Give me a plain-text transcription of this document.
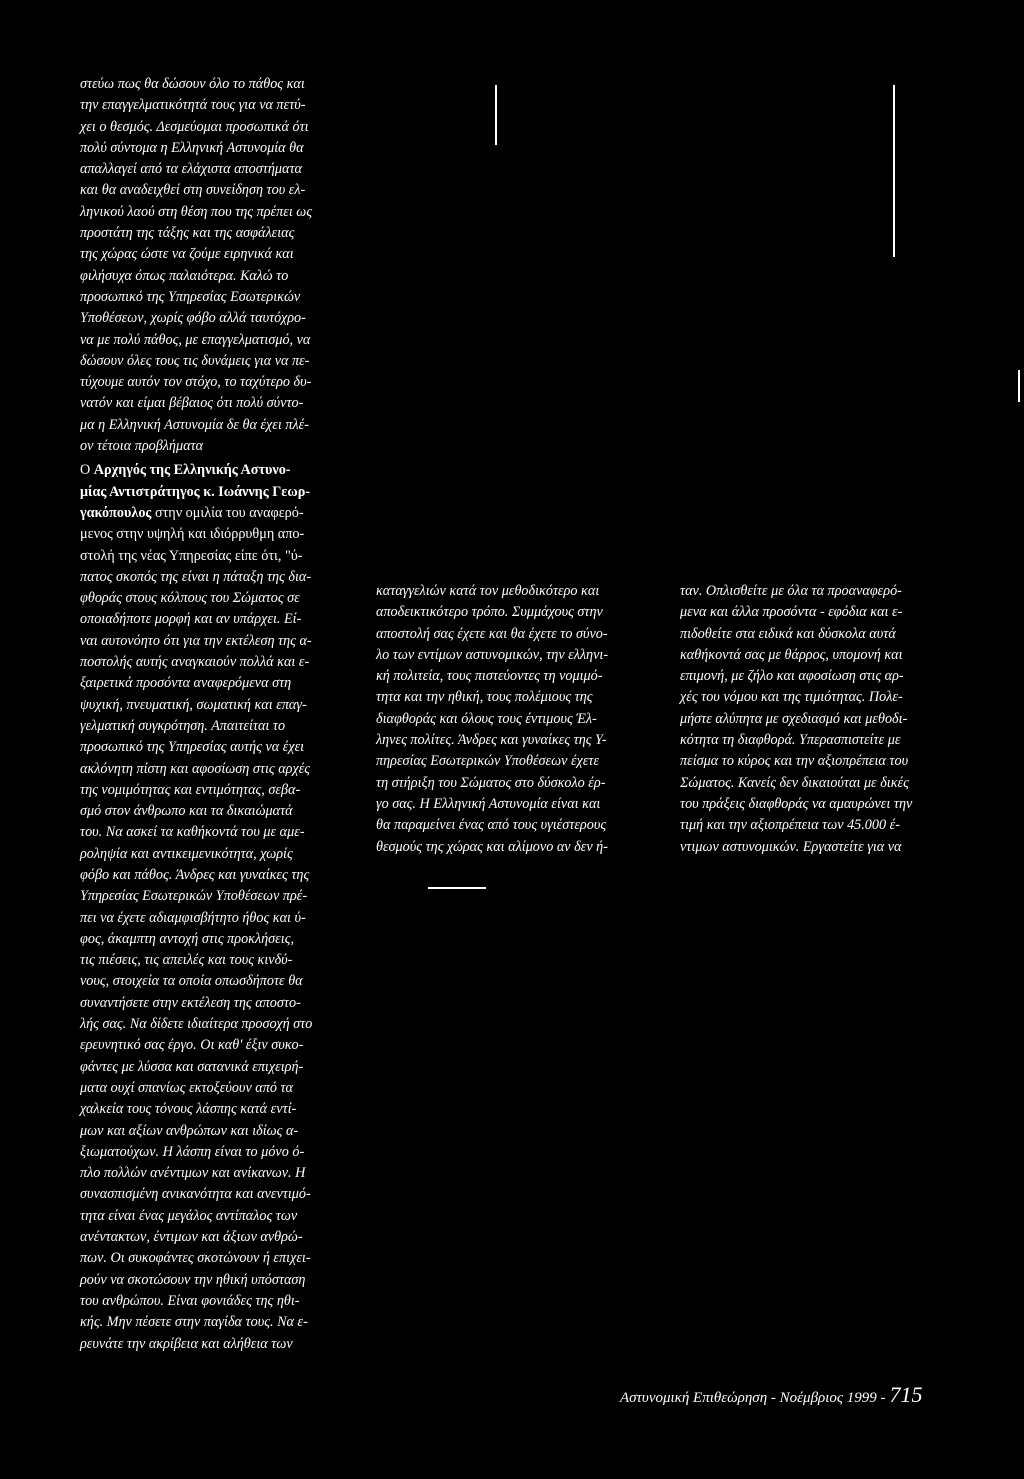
στεύω πως θα δώσουν όλο το πάθος και

την επαγγελματικότητά τους για να πετύ-

χει ο θεσμός. Δεσμεύομαι προσωπικά ότι

πολύ σύντομα η Ελληνική Αστυνομία θα

απαλλαγεί από τα ελάχιστα αποστήματα

και θα αναδειχθεί στη συνείδηση του ελ-

ληνικού λαού στη θέση που της πρέπει ως

προστάτη της τάξης και της ασφάλειας

της χώρας ώστε να ζούμε ειρηνικά και

φιλήσυχα όπως παλαιότερα. Καλώ το

προσωπικό της Υπηρεσίας Εσωτερικών

Υποθέσεων, χωρίς φόβο αλλά ταυτόχρο-

να με πολύ πάθος, με επαγγελματισμό, να

δώσουν όλες τους τις δυνάμεις για να πε-

τύχουμε αυτόν τον στόχο, το ταχύτερο δυ-

νατόν και είμαι βέβαιος ότι πολύ σύντο-

μα η Ελληνική Αστυνομία δε θα έχει πλέ-

ον τέτοια προβλήματα

Ο Αρχηγός της Ελληνικής Αστυνο-

μίας Αντιστράτηγος κ. Ιωάννης Γεωρ-

γακόπουλος στην ομιλία του αναφερό-

μενος στην υψηλή και ιδιόρρυθμη απο-

στολή της νέας Υπηρεσίας είπε ότι, "ύ-

πατος σκοπός της είναι η πάταξη της δια-

φθοράς στους κόλπους του Σώματος σε

οποιαδήποτε μορφή και αν υπάρχει. Εί-

ναι αυτονόητο ότι για την εκτέλεση της α-

ποστολής αυτής αναγκαιούν πολλά και ε-

ξαιρετικά προσόντα αναφερόμενα στη

ψυχική, πνευματική, σωματική και επαγ-

γελματική συγκρότηση. Απαιτείται το

προσωπικό της Υπηρεσίας αυτής να έχει

ακλόνητη πίστη και αφοσίωση στις αρχές

της νομιμότητας και εντιμότητας, σεβα-

σμό στον άνθρωπο και τα δικαιώματά

του. Να ασκεί τα καθήκοντά του με αμε-

ροληψία και αντικειμενικότητα, χωρίς

φόβο και πάθος. Άνδρες και γυναίκες της

Υπηρεσίας Εσωτερικών Υποθέσεων πρέ-

πει να έχετε αδιαμφισβήτητο ήθος και ύ-

φος, άκαμπτη αντοχή στις προκλήσεις,

τις πιέσεις, τις απειλές και τους κινδύ-

νους, στοιχεία τα οποία οπωσδήποτε θα

συναντήσετε στην εκτέλεση της αποστο-

λής σας. Να δίδετε ιδιαίτερα προσοχή στο

ερευνητικό σας έργο. Οι καθ' έξιν συκο-

φάντες με λύσσα και σατανικά επιχειρή-

ματα ουχί σπανίως εκτοξεύουν από τα

χαλκεία τους τόνους λάσπης κατά εντί-

μων και αξίων ανθρώπων και ιδίως α-

ξιωματούχων. Η λάσπη είναι το μόνο ό-

πλο πολλών ανέντιμων και ανίκανων. Η

συνασπισμένη ανικανότητα και ανεντιμό-

τητα είναι ένας μεγάλος αντίπαλος των

ανέντακτων, έντιμων και άξιων ανθρώ-

πων. Οι συκοφάντες σκοτώνουν ή επιχει-

ρούν να σκοτώσουν την ηθική υπόσταση

του ανθρώπου. Είναι φονιάδες της ηθι-

κής. Μην πέσετε στην παγίδα τους. Να ε-

ρευνάτε την ακρίβεια και αλήθεια των

καταγγελιών κατά τον μεθοδικότερο και

αποδεικτικότερο τρόπο. Συμμάχους στην

αποστολή σας έχετε και θα έχετε το σύνο-

λο των εντίμων αστυνομικών, την ελληνι-

κή πολιτεία, τους πιστεύοντες τη νομιμό-

τητα και την ηθική, τους πολέμιους της

διαφθοράς και όλους τους έντιμους Έλ-

ληνες πολίτες. Άνδρες και γυναίκες της Υ-

πηρεσίας Εσωτερικών Υποθέσεων έχετε

τη στήριξη του Σώματος στο δύσκολο έρ-

γο σας. Η Ελληνική Αστυνομία είναι και

θα παραμείνει ένας από τους υγιέστερους

θεσμούς της χώρας και αλίμονο αν δεν ή-

ταν. Οπλισθείτε με όλα τα προαναφερό-

μενα και άλλα προσόντα - εφόδια και ε-

πιδοθείτε στα ειδικά και δύσκολα αυτά

καθήκοντά σας με θάρρος, υπομονή και

επιμονή, με ζήλο και αφοσίωση στις αρ-

χές του νόμου και της τιμιότητας. Πολε-

μήστε αλύπητα με σχεδιασμό και μεθοδι-

κότητα τη διαφθορά. Υπερασπιστείτε με

πείσμα το κύρος και την αξιοπρέπεια του

Σώματος. Κανείς δεν δικαιούται με δικές

του πράξεις διαφθοράς να αμαυρώνει την

τιμή και την αξιοπρέπεια των 45.000 έ-

ντιμων αστυνομικών. Εργαστείτε για να

Αστυνομική Επιθεώρηση - Νοέμβριος 1999 - 715
